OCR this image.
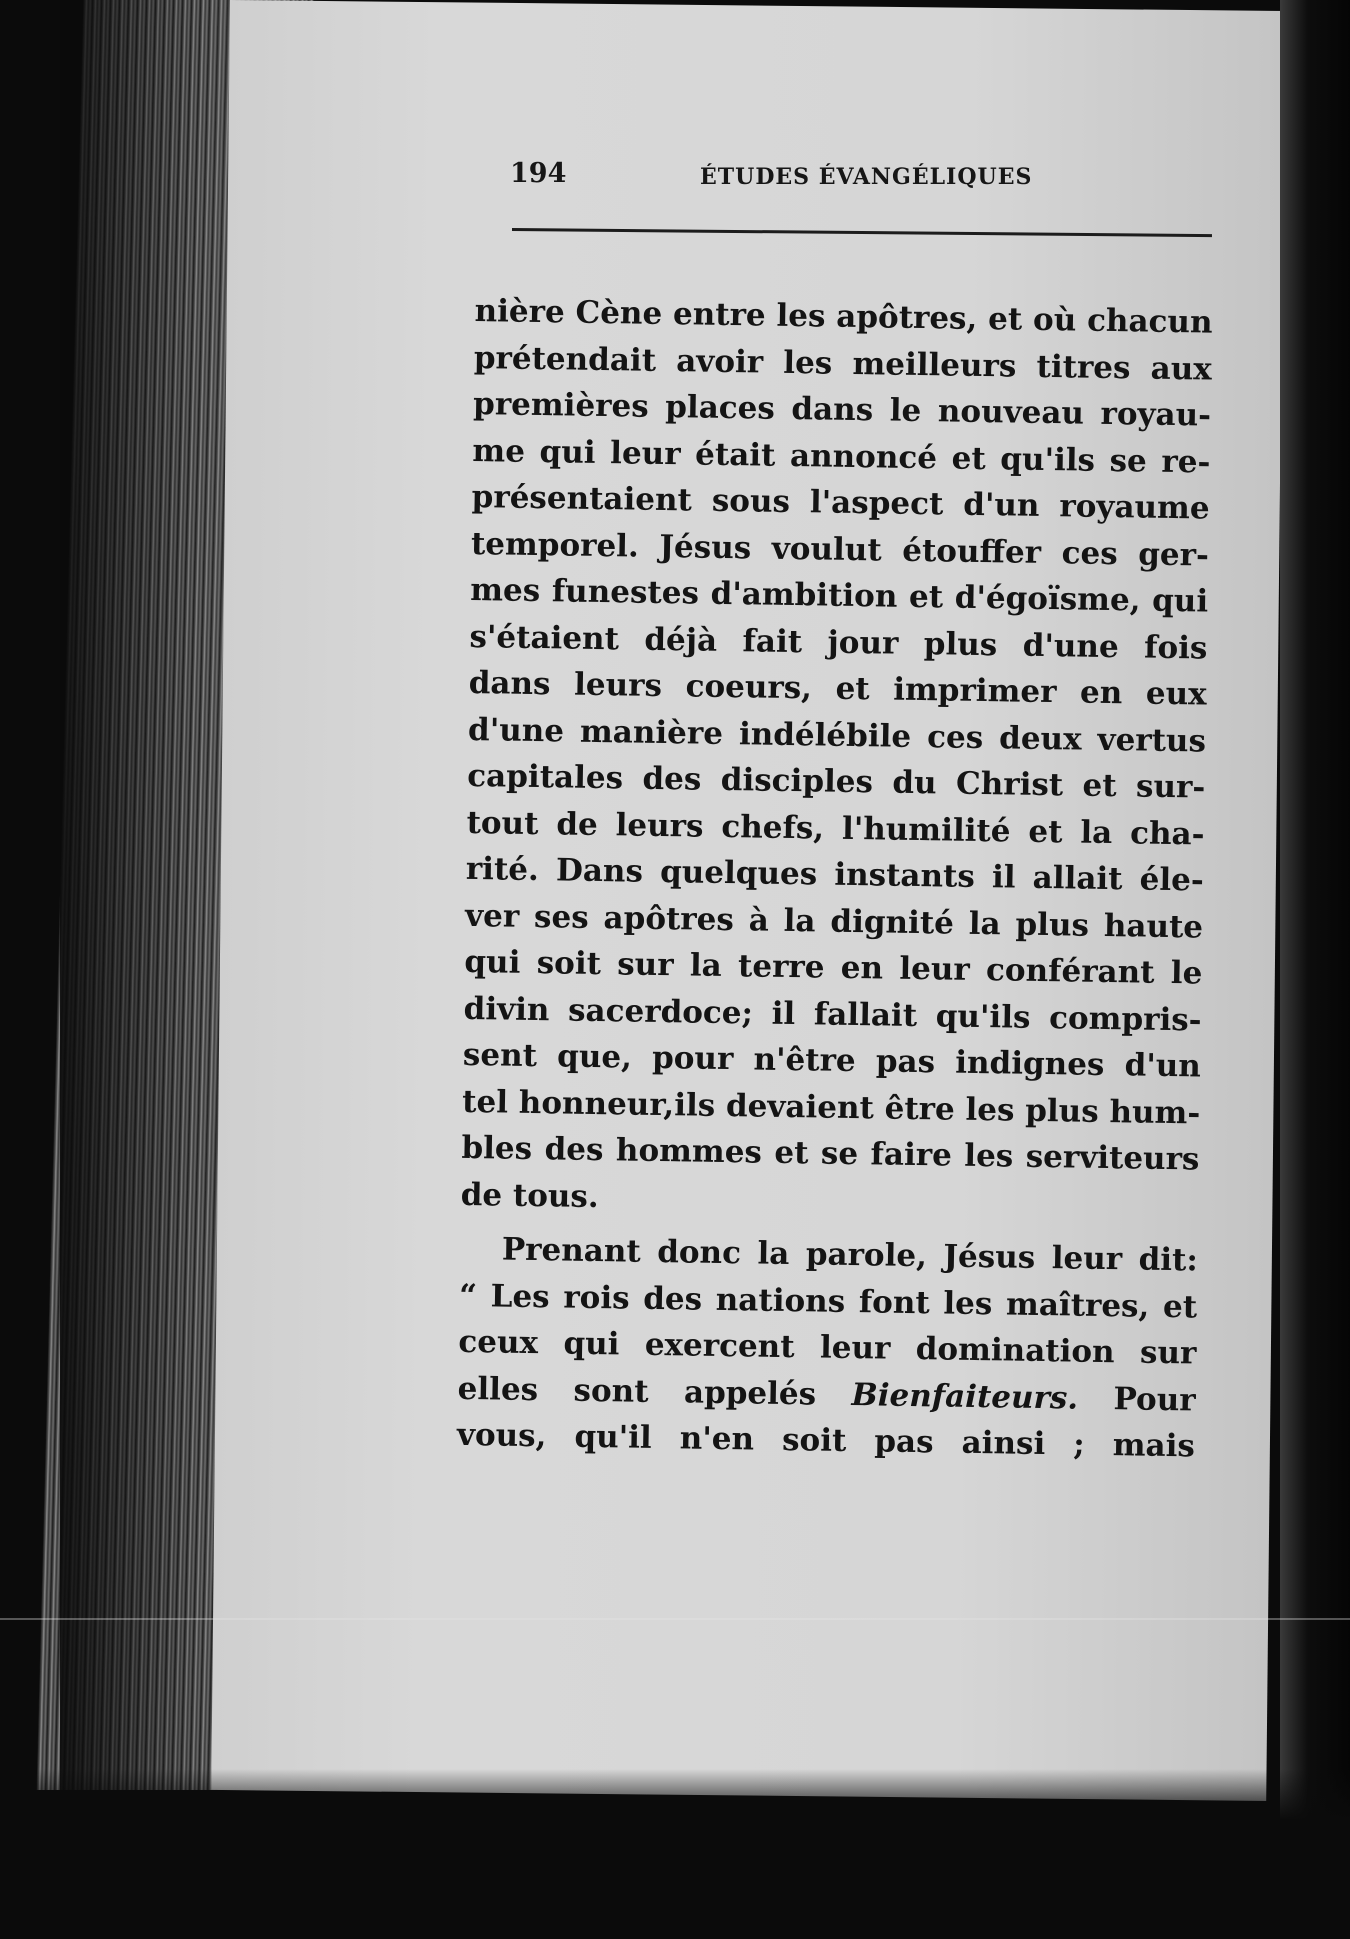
194	ÉTUDES ÉVANGÉLIQUES
nière Cène entre les apôtres, et où chacun
prétendait avoir les meilleurs titres aux
premières places dans le nouveau royau-
me qui leur était annoncé et qu'ils se re-
présentaient sous l'aspect d'un royaume
temporel. Jésus voulut étouffer ces ger-
mes funestes d'ambition et d'égoïsme, qui
s'étaient déjà fait jour plus d'une fois
dans leurs coeurs, et imprimer en eux
d'une manière indélébile ces deux vertus
capitales des disciples du Christ et sur-
tout de leurs chefs, l'humilité et la cha-
rité. Dans quelques instants il allait éle-
ver ses apôtres à la dignité la plus haute
qui soit sur la terre en leur conférant le
divin sacerdoce; il fallait qu'ils compris-
sent que, pour n'être pas indignes d'un
tel honneur,ils devaient être les plus hum-
bles des hommes et se faire les serviteurs
de tous.
Prenant donc la parole, Jésus leur dit:
“ Les rois des nations font les maîtres, et
ceux qui exercent leur domination sur
elles sont appelés Bienfaiteurs. Pour
vous, qu'il n'en soit pas ainsi ; mais
